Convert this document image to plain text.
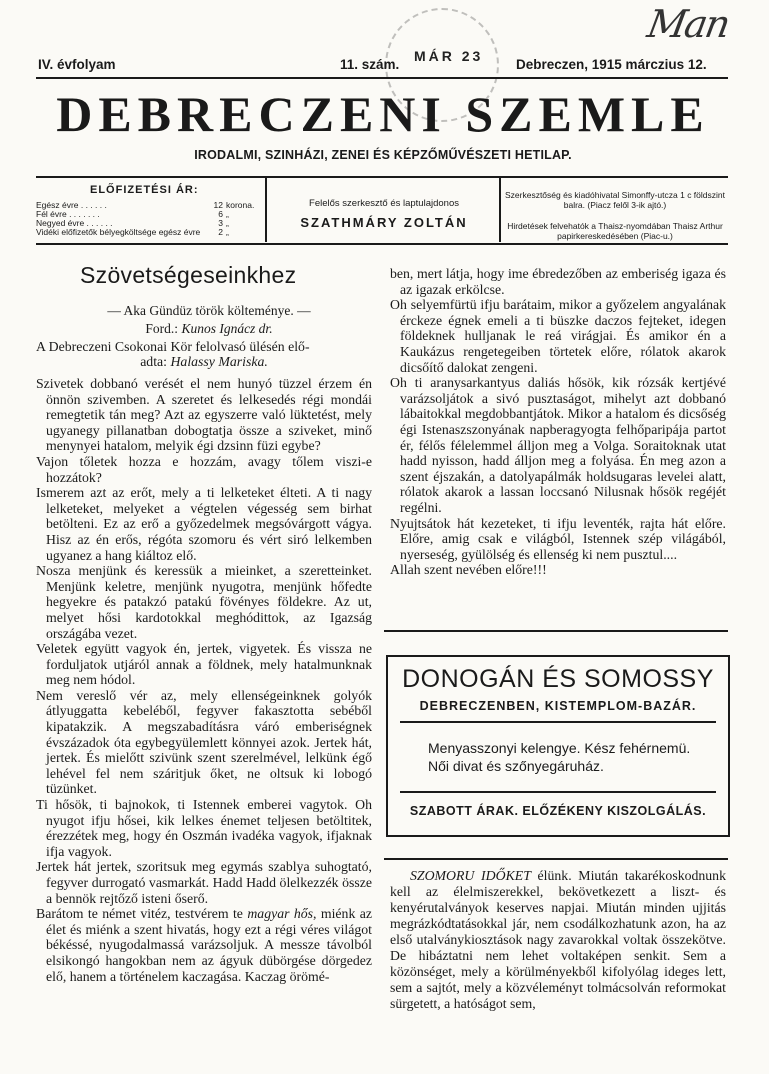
MÁR 23
Man
IV. évfolyam	11. szám.	Debreczen, 1915 márczius 12.
DEBRECZENI SZEMLE
IRODALMI, SZINHÁZI, ZENEI ÉS KÉPZŐMŰVÉSZETI HETILAP.
ELŐFIZETÉSI ÁR:
Egész évre . . . . . .	12 korona.
Fél évre . . . . . . .	6 „
Negyed évre . . . . . .	3 „
Vidéki előfizetők bélyegköltsége egész évre	2 „
Felelős szerkesztő és laptulajdonos
SZATHMÁRY ZOLTÁN
Szerkesztőség és kiadóhivatal Simonffy-utcza 1 c földszint balra. (Piacz felől 3-ik ajtó.)
Hirdetések felvehatók a Thaisz-nyomdában Thaisz Arthur papirkereskedésében (Piac-u.)
Szövetségeseinkhez
— Aka Gündüz török költeménye. —
Ford.: Kunos Ignácz dr.

A Debreczeni Csokonai Kör felolvasó ülésén elő-

adta: Halassy Mariska.

Szivetek dobbanó verését el nem hunyó tüzzel érzem én önnön szivemben. A szeretet és lelkesedés régi mondái remegtetik tán meg? Azt az egyszerre való lüktetést, mely ugyanegy pillanatban dobogtatja össze a sziveket, minő menynyei hatalom, melyik égi dzsinn füzi egybe?

Vajon tőletek hozza e hozzám, avagy tőlem viszi-e hozzátok?

Ismerem azt az erőt, mely a ti lelketeket élteti. A ti nagy lelketeket, melyeket a végtelen végesség sem birhat betölteni. Ez az erő a győzedelmek megsóvárgott vágya. Hisz az én erős, régóta szomoru és vért siró lelkemben ugyanez a hang kiáltoz elő.

Nosza menjünk és keressük a mieinket, a szeretteinket. Menjünk keletre, menjünk nyugotra, menjünk hőfedte hegyekre és patakzó patakú fövényes földekre. Az ut, melyet hősi kardotokkal meghódittok, az Igazság országába vezet.

Veletek együtt vagyok én, jertek, vigyetek. És vissza ne forduljatok utjáról annak a földnek, mely hatalmunknak meg nem hódol.

Nem vereslő vér az, mely ellenségeinknek golyók átlyuggatta kebeléből, fegyver fakasztotta sebéből kipatakzik. A megszabadításra váró emberiségnek évszázadok óta egybegyülemlett könnyei azok. Jertek hát, jertek. És mielőtt szivünk szent szerelmével, lelkünk égő lehével fel nem száritjuk őket, ne oltsuk ki lobogó tüzünket.

Ti hősök, ti bajnokok, ti Istennek emberei vagytok. Oh nyugot ifju hősei, kik lelkes énemet teljesen betöltitek, érezzétek meg, hogy én Oszmán ivadéka vagyok, ifjaknak ifja vagyok.

Jertek hát jertek, szoritsuk meg egymás szablya suhogtató, fegyver durrogató vasmarkát. Hadd Hadd ölelkezzék össze a bennök rejtőző isteni őserő.

Barátom te német vitéz, testvérem te magyar hős, miénk az élet és miénk a szent hivatás, hogy ezt a régi véres világot békéssé, nyugodalmassá varázsoljuk. A messze távolból elsikongó hangokban nem az ágyuk dübörgése dörgedez elő, hanem a történelem kaczagása. Kaczag örömé-

ben, mert látja, hogy ime ébredezőben az emberiség igaza és az igazak erkölcse.

Oh selyemfürtü ifju barátaim, mikor a győzelem angyalának érckeze égnek emeli a ti büszke daczos fejteket, idegen földeknek hulljanak le reá virágjai. És amikor én a Kaukázus rengetegeiben törtetek előre, rólatok akarok dicsőítő dalokat zengeni.

Oh ti aranysarkantyus daliás hősök, kik rózsák kertjévé varázsoljátok a sivó pusztaságot, mihelyt azt dobbanó lábaitokkal megdobbantjátok. Mikor a hatalom és dicsőség égi Istenaszszonyának napberagyogta felhőparipája partot ér, félős félelemmel álljon meg a Volga. Soraitoknak utat hadd nyisson, hadd álljon meg a folyása. Én meg azon a szent éjszakán, a datolyapálmák holdsugaras levelei alatt, rólatok akarok a lassan loccsanó Nilusnak hősök regéjét regélni.

Nyujtsátok hát kezeteket, ti ifju leventék, rajta hát előre. Előre, amig csak e világból, Istennek szép világából, nyerseség, gyülölség és ellenség ki nem pusztul....

Allah szent nevében előre!!!

DONOGÁN ÉS SOMOSSY
DEBRECZENBEN, KISTEMPLOM-BAZÁR.
Menyasszonyi kelengye. Kész fehérnemü. Női divat és szőnyegáruház.
SZABOTT ÁRAK. ELŐZÉKENY KISZOLGÁLÁS.

SZOMORU IDŐKET élünk. Miután takarékoskodnunk kell az élelmiszerekkel, bekövetkezett a liszt- és kenyérutalványok keserves napjai. Miután minden ujjitás megrázkódtatásokkal jár, nem csodálkozhatunk azon, ha az első utalványkiosztások nagy zavarokkal voltak összekötve. De hibáztatni nem lehet voltaképen senkit. Sem a közönséget, mely a körülményekből kifolyólag ideges lett, sem a sajtót, mely a közvéleményt tolmácsolván reformokat sürgetett, a hatóságot sem,
